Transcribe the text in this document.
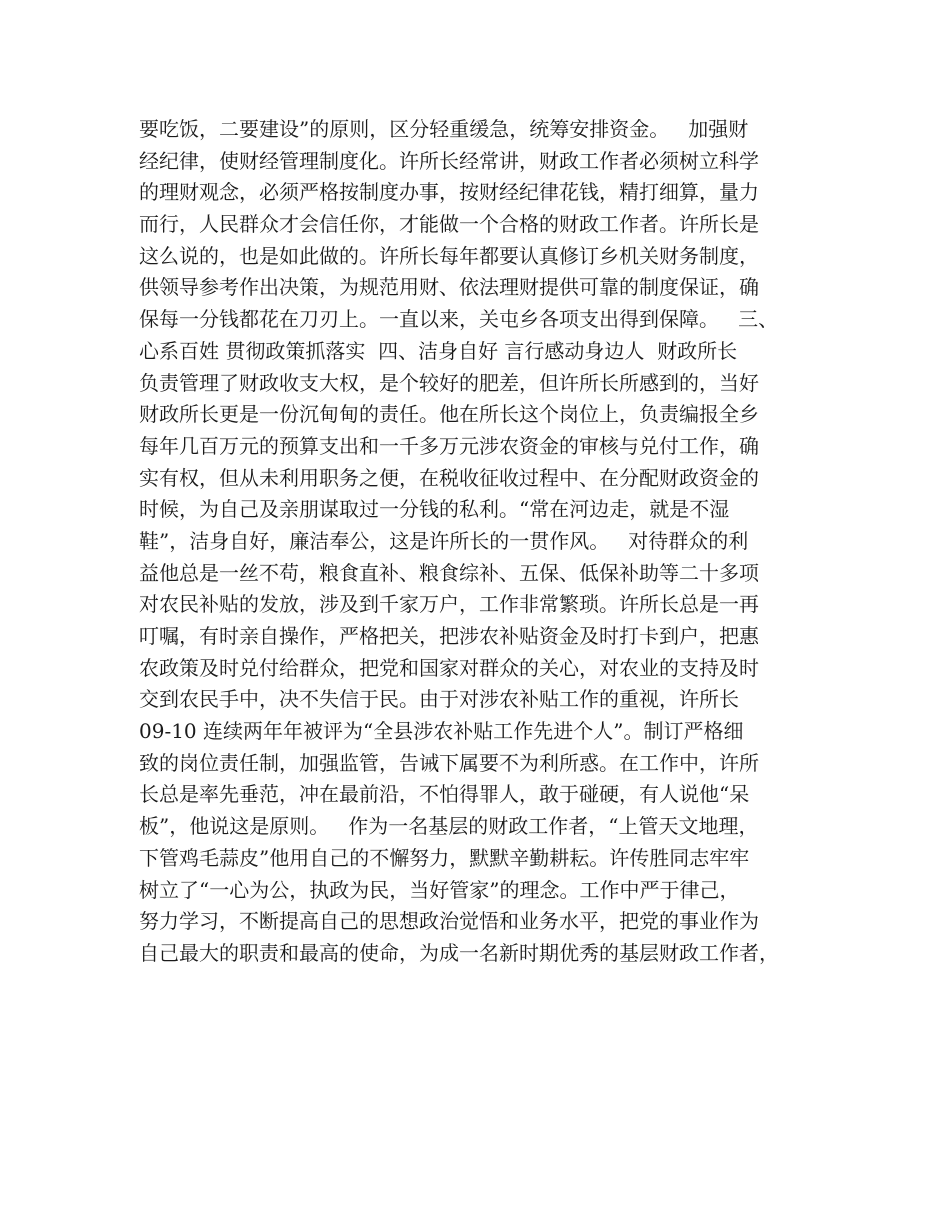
要吃饭，二要建设”的原则，区分轻重缓急，统筹安排资金。   加强财
经纪律，使财经管理制度化。许所长经常讲，财政工作者必须树立科学
的理财观念，必须严格按制度办事，按财经纪律花钱，精打细算，量力
而行，人民群众才会信任你，才能做一个合格的财政工作者。许所长是
这么说的，也是如此做的。许所长每年都要认真修订乡机关财务制度，
供领导参考作出决策，为规范用财、依法理财提供可靠的制度保证，确
保每一分钱都花在刀刃上。一直以来，关屯乡各项支出得到保障。   三、
心系百姓 贯彻政策抓落实  四、洁身自好 言行感动身边人  财政所长
负责管理了财政收支大权，是个较好的肥差，但许所长所感到的，当好
财政所长更是一份沉甸甸的责任。他在所长这个岗位上，负责编报全乡
每年几百万元的预算支出和一千多万元涉农资金的审核与兑付工作，确
实有权，但从未利用职务之便，在税收征收过程中、在分配财政资金的
时候，为自己及亲朋谋取过一分钱的私利。“常在河边走，就是不湿
鞋”，洁身自好，廉洁奉公，这是许所长的一贯作风。   对待群众的利
益他总是一丝不苟，粮食直补、粮食综补、五保、低保补助等二十多项
对农民补贴的发放，涉及到千家万户，工作非常繁琐。许所长总是一再
叮嘱，有时亲自操作，严格把关，把涉农补贴资金及时打卡到户，把惠
农政策及时兑付给群众，把党和国家对群众的关心，对农业的支持及时
交到农民手中，决不失信于民。由于对涉农补贴工作的重视，许所长
09-10 连续两年年被评为“全县涉农补贴工作先进个人”。制订严格细
致的岗位责任制，加强监管，告诫下属要不为利所惑。在工作中，许所
长总是率先垂范，冲在最前沿，不怕得罪人，敢于碰硬，有人说他“呆
板”，他说这是原则。   作为一名基层的财政工作者，“上管天文地理，
下管鸡毛蒜皮”他用自己的不懈努力，默默辛勤耕耘。许传胜同志牢牢
树立了“一心为公，执政为民，当好管家”的理念。工作中严于律己，
努力学习，不断提高自己的思想政治觉悟和业务水平，把党的事业作为
自己最大的职责和最高的使命，为成一名新时期优秀的基层财政工作者，
